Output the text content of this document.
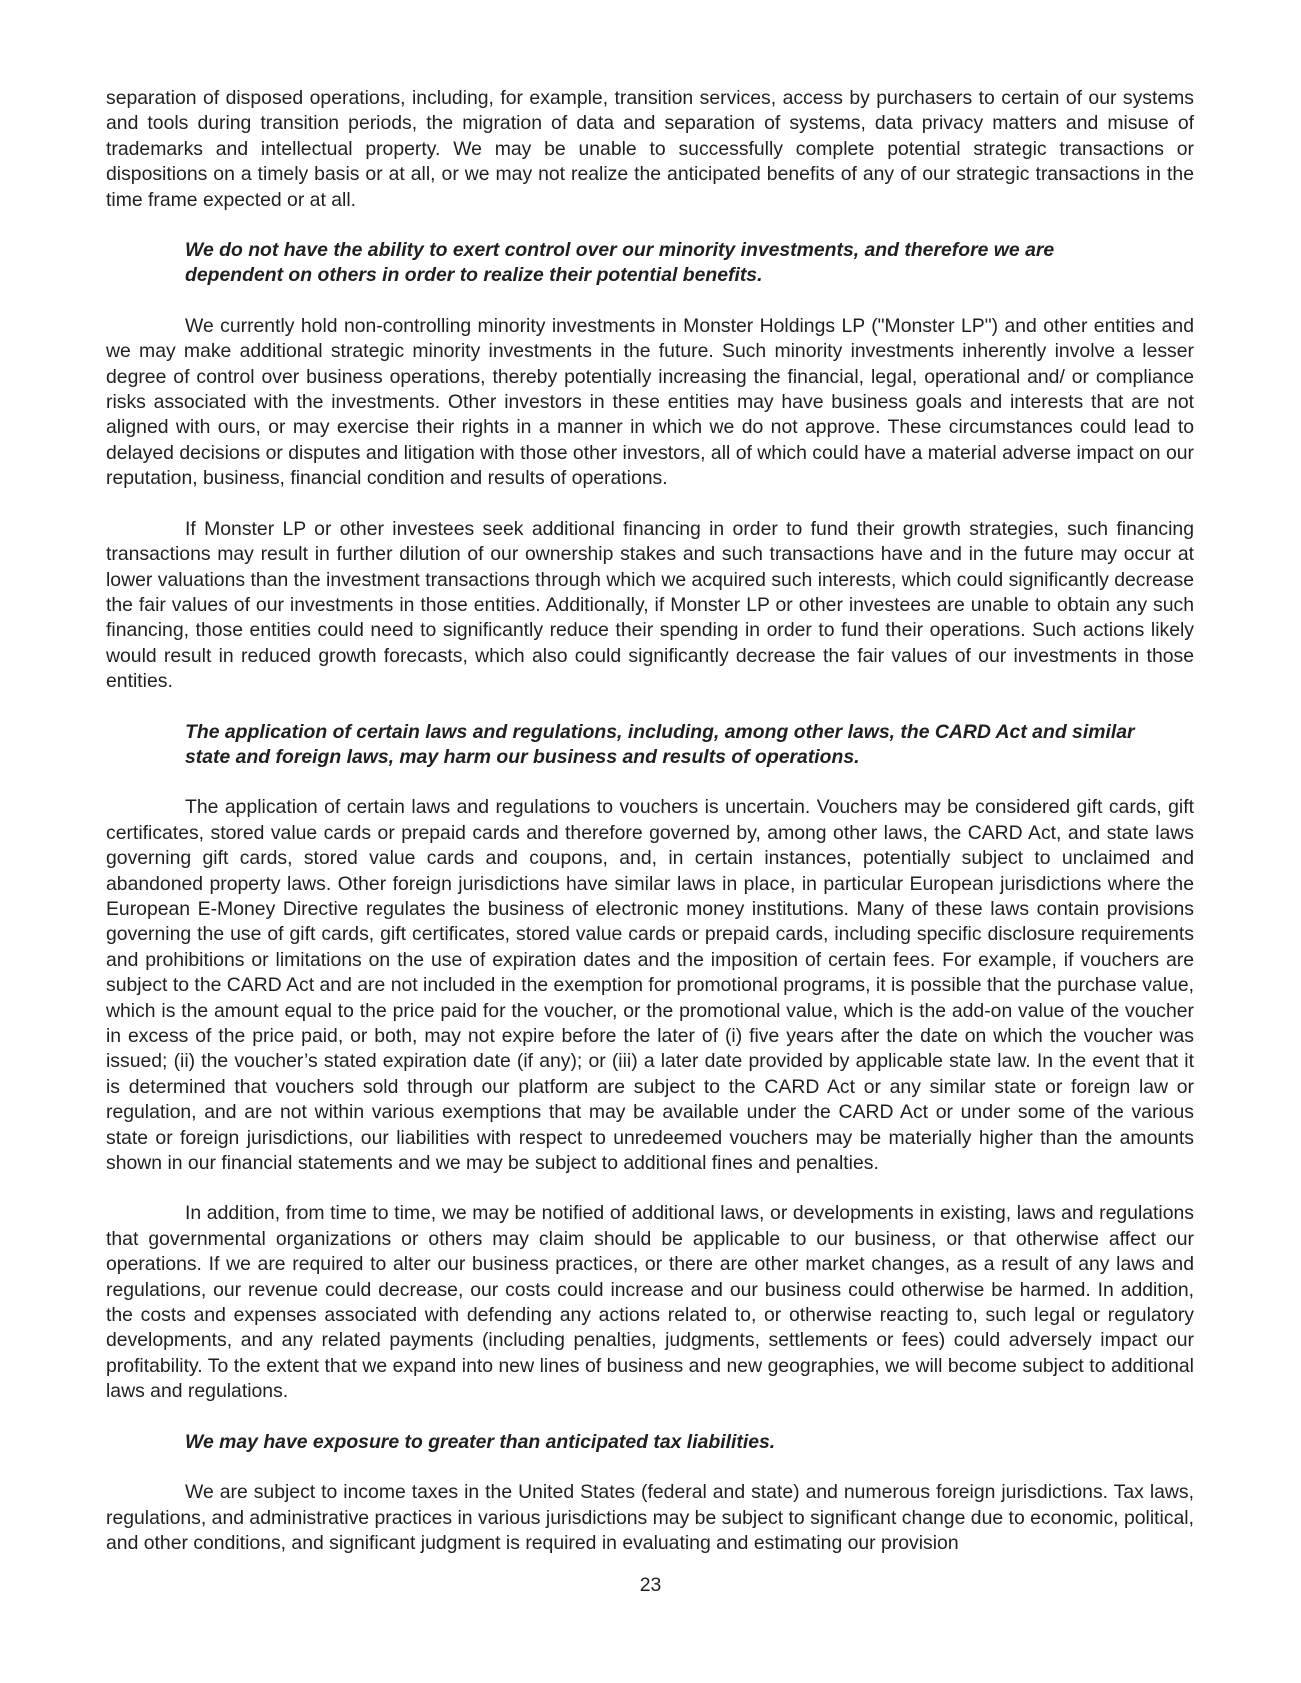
separation of disposed operations, including, for example, transition services, access by purchasers to certain of our systems and tools during transition periods, the migration of data and separation of systems, data privacy matters and misuse of trademarks and intellectual property. We may be unable to successfully complete potential strategic transactions or dispositions on a timely basis or at all, or we may not realize the anticipated benefits of any of our strategic transactions in the time frame expected or at all.

We do not have the ability to exert control over our minority investments, and therefore we are dependent on others in order to realize their potential benefits.

We currently hold non-controlling minority investments in Monster Holdings LP ("Monster LP") and other entities and we may make additional strategic minority investments in the future. Such minority investments inherently involve a lesser degree of control over business operations, thereby potentially increasing the financial, legal, operational and/ or compliance risks associated with the investments. Other investors in these entities may have business goals and interests that are not aligned with ours, or may exercise their rights in a manner in which we do not approve. These circumstances could lead to delayed decisions or disputes and litigation with those other investors, all of which could have a material adverse impact on our reputation, business, financial condition and results of operations.

If Monster LP or other investees seek additional financing in order to fund their growth strategies, such financing transactions may result in further dilution of our ownership stakes and such transactions have and in the future may occur at lower valuations than the investment transactions through which we acquired such interests, which could significantly decrease the fair values of our investments in those entities. Additionally, if Monster LP or other investees are unable to obtain any such financing, those entities could need to significantly reduce their spending in order to fund their operations. Such actions likely would result in reduced growth forecasts, which also could significantly decrease the fair values of our investments in those entities.

The application of certain laws and regulations, including, among other laws, the CARD Act and similar state and foreign laws, may harm our business and results of operations.

The application of certain laws and regulations to vouchers is uncertain. Vouchers may be considered gift cards, gift certificates, stored value cards or prepaid cards and therefore governed by, among other laws, the CARD Act, and state laws governing gift cards, stored value cards and coupons, and, in certain instances, potentially subject to unclaimed and abandoned property laws. Other foreign jurisdictions have similar laws in place, in particular European jurisdictions where the European E-Money Directive regulates the business of electronic money institutions. Many of these laws contain provisions governing the use of gift cards, gift certificates, stored value cards or prepaid cards, including specific disclosure requirements and prohibitions or limitations on the use of expiration dates and the imposition of certain fees. For example, if vouchers are subject to the CARD Act and are not included in the exemption for promotional programs, it is possible that the purchase value, which is the amount equal to the price paid for the voucher, or the promotional value, which is the add-on value of the voucher in excess of the price paid, or both, may not expire before the later of (i) five years after the date on which the voucher was issued; (ii) the voucher’s stated expiration date (if any); or (iii) a later date provided by applicable state law. In the event that it is determined that vouchers sold through our platform are subject to the CARD Act or any similar state or foreign law or regulation, and are not within various exemptions that may be available under the CARD Act or under some of the various state or foreign jurisdictions, our liabilities with respect to unredeemed vouchers may be materially higher than the amounts shown in our financial statements and we may be subject to additional fines and penalties.

In addition, from time to time, we may be notified of additional laws, or developments in existing, laws and regulations that governmental organizations or others may claim should be applicable to our business, or that otherwise affect our operations. If we are required to alter our business practices, or there are other market changes, as a result of any laws and regulations, our revenue could decrease, our costs could increase and our business could otherwise be harmed. In addition, the costs and expenses associated with defending any actions related to, or otherwise reacting to, such legal or regulatory developments, and any related payments (including penalties, judgments, settlements or fees) could adversely impact our profitability. To the extent that we expand into new lines of business and new geographies, we will become subject to additional laws and regulations.

We may have exposure to greater than anticipated tax liabilities.

We are subject to income taxes in the United States (federal and state) and numerous foreign jurisdictions. Tax laws, regulations, and administrative practices in various jurisdictions may be subject to significant change due to economic, political, and other conditions, and significant judgment is required in evaluating and estimating our provision

23
